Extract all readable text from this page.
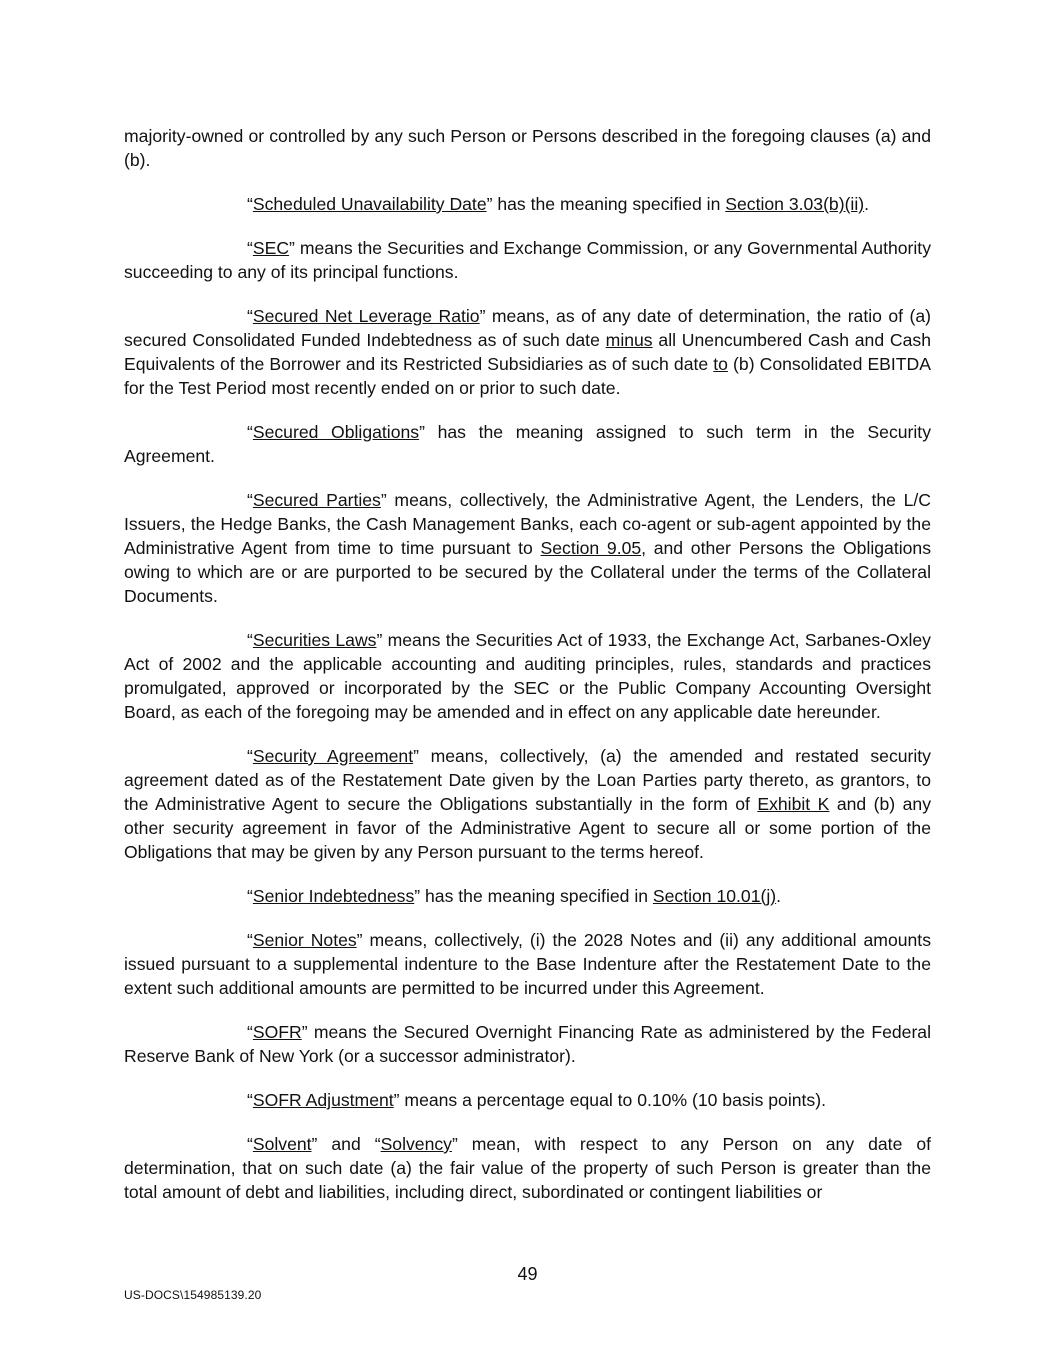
majority-owned or controlled by any such Person or Persons described in the foregoing clauses (a) and (b).

“Scheduled Unavailability Date” has the meaning specified in Section 3.03(b)(ii).

“SEC” means the Securities and Exchange Commission, or any Governmental Authority succeeding to any of its principal functions.

“Secured Net Leverage Ratio” means, as of any date of determination, the ratio of (a) secured Consolidated Funded Indebtedness as of such date minus all Unencumbered Cash and Cash Equivalents of the Borrower and its Restricted Subsidiaries as of such date to (b) Consolidated EBITDA for the Test Period most recently ended on or prior to such date.

“Secured Obligations” has the meaning assigned to such term in the Security Agreement.

“Secured Parties” means, collectively, the Administrative Agent, the Lenders, the L/C Issuers, the Hedge Banks, the Cash Management Banks, each co-agent or sub-agent appointed by the Administrative Agent from time to time pursuant to Section 9.05, and other Persons the Obligations owing to which are or are purported to be secured by the Collateral under the terms of the Collateral Documents.

“Securities Laws” means the Securities Act of 1933, the Exchange Act, Sarbanes-Oxley Act of 2002 and the applicable accounting and auditing principles, rules, standards and practices promulgated, approved or incorporated by the SEC or the Public Company Accounting Oversight Board, as each of the foregoing may be amended and in effect on any applicable date hereunder.

“Security Agreement” means, collectively, (a) the amended and restated security agreement dated as of the Restatement Date given by the Loan Parties party thereto, as grantors, to the Administrative Agent to secure the Obligations substantially in the form of Exhibit K and (b) any other security agreement in favor of the Administrative Agent to secure all or some portion of the Obligations that may be given by any Person pursuant to the terms hereof.

“Senior Indebtedness” has the meaning specified in Section 10.01(j).

“Senior Notes” means, collectively, (i) the 2028 Notes and (ii) any additional amounts issued pursuant to a supplemental indenture to the Base Indenture after the Restatement Date to the extent such additional amounts are permitted to be incurred under this Agreement.

“SOFR” means the Secured Overnight Financing Rate as administered by the Federal Reserve Bank of New York (or a successor administrator).

“SOFR Adjustment” means a percentage equal to 0.10% (10 basis points).

“Solvent” and “Solvency” mean, with respect to any Person on any date of determination, that on such date (a) the fair value of the property of such Person is greater than the total amount of debt and liabilities, including direct, subordinated or contingent liabilities or

49
US-DOCS\154985139.20
